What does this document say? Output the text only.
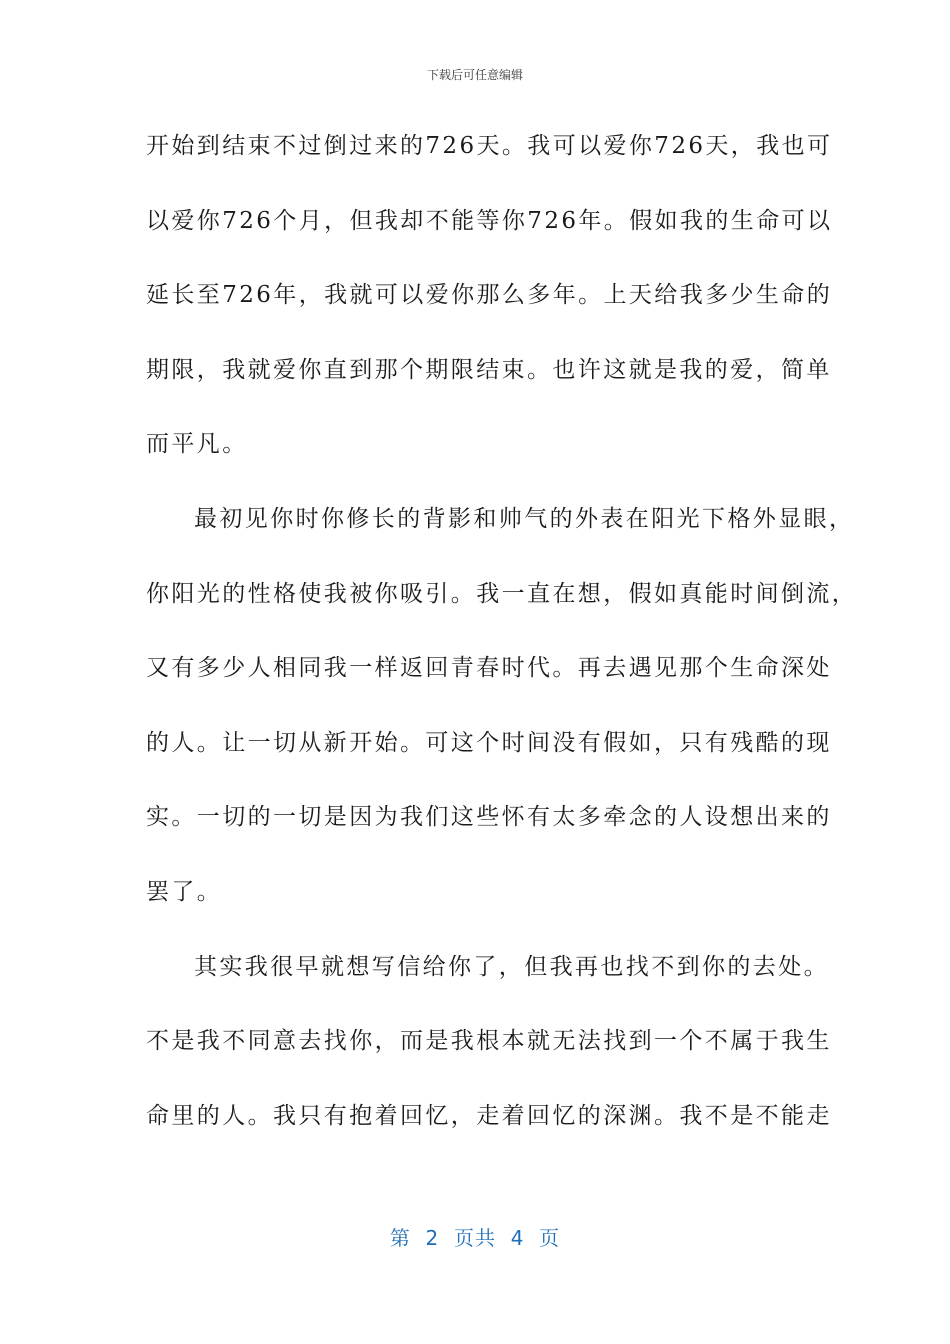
下载后可任意编辑
开始到结束不过倒过来的726天。我可以爱你726天，我也可
以爱你726个月，但我却不能等你726年。假如我的生命可以
延长至726年，我就可以爱你那么多年。上天给我多少生命的
期限，我就爱你直到那个期限结束。也许这就是我的爱，简单
而平凡。
最初见你时你修长的背影和帅气的外表在阳光下格外显眼，
你阳光的性格使我被你吸引。我一直在想，假如真能时间倒流，
又有多少人相同我一样返回青春时代。再去遇见那个生命深处
的人。让一切从新开始。可这个时间没有假如，只有残酷的现
实。一切的一切是因为我们这些怀有太多牵念的人设想出来的
罢了。
其实我很早就想写信给你了，但我再也找不到你的去处。
不是我不同意去找你，而是我根本就无法找到一个不属于我生
命里的人。我只有抱着回忆，走着回忆的深渊。我不是不能走
第  2  页共  4  页
